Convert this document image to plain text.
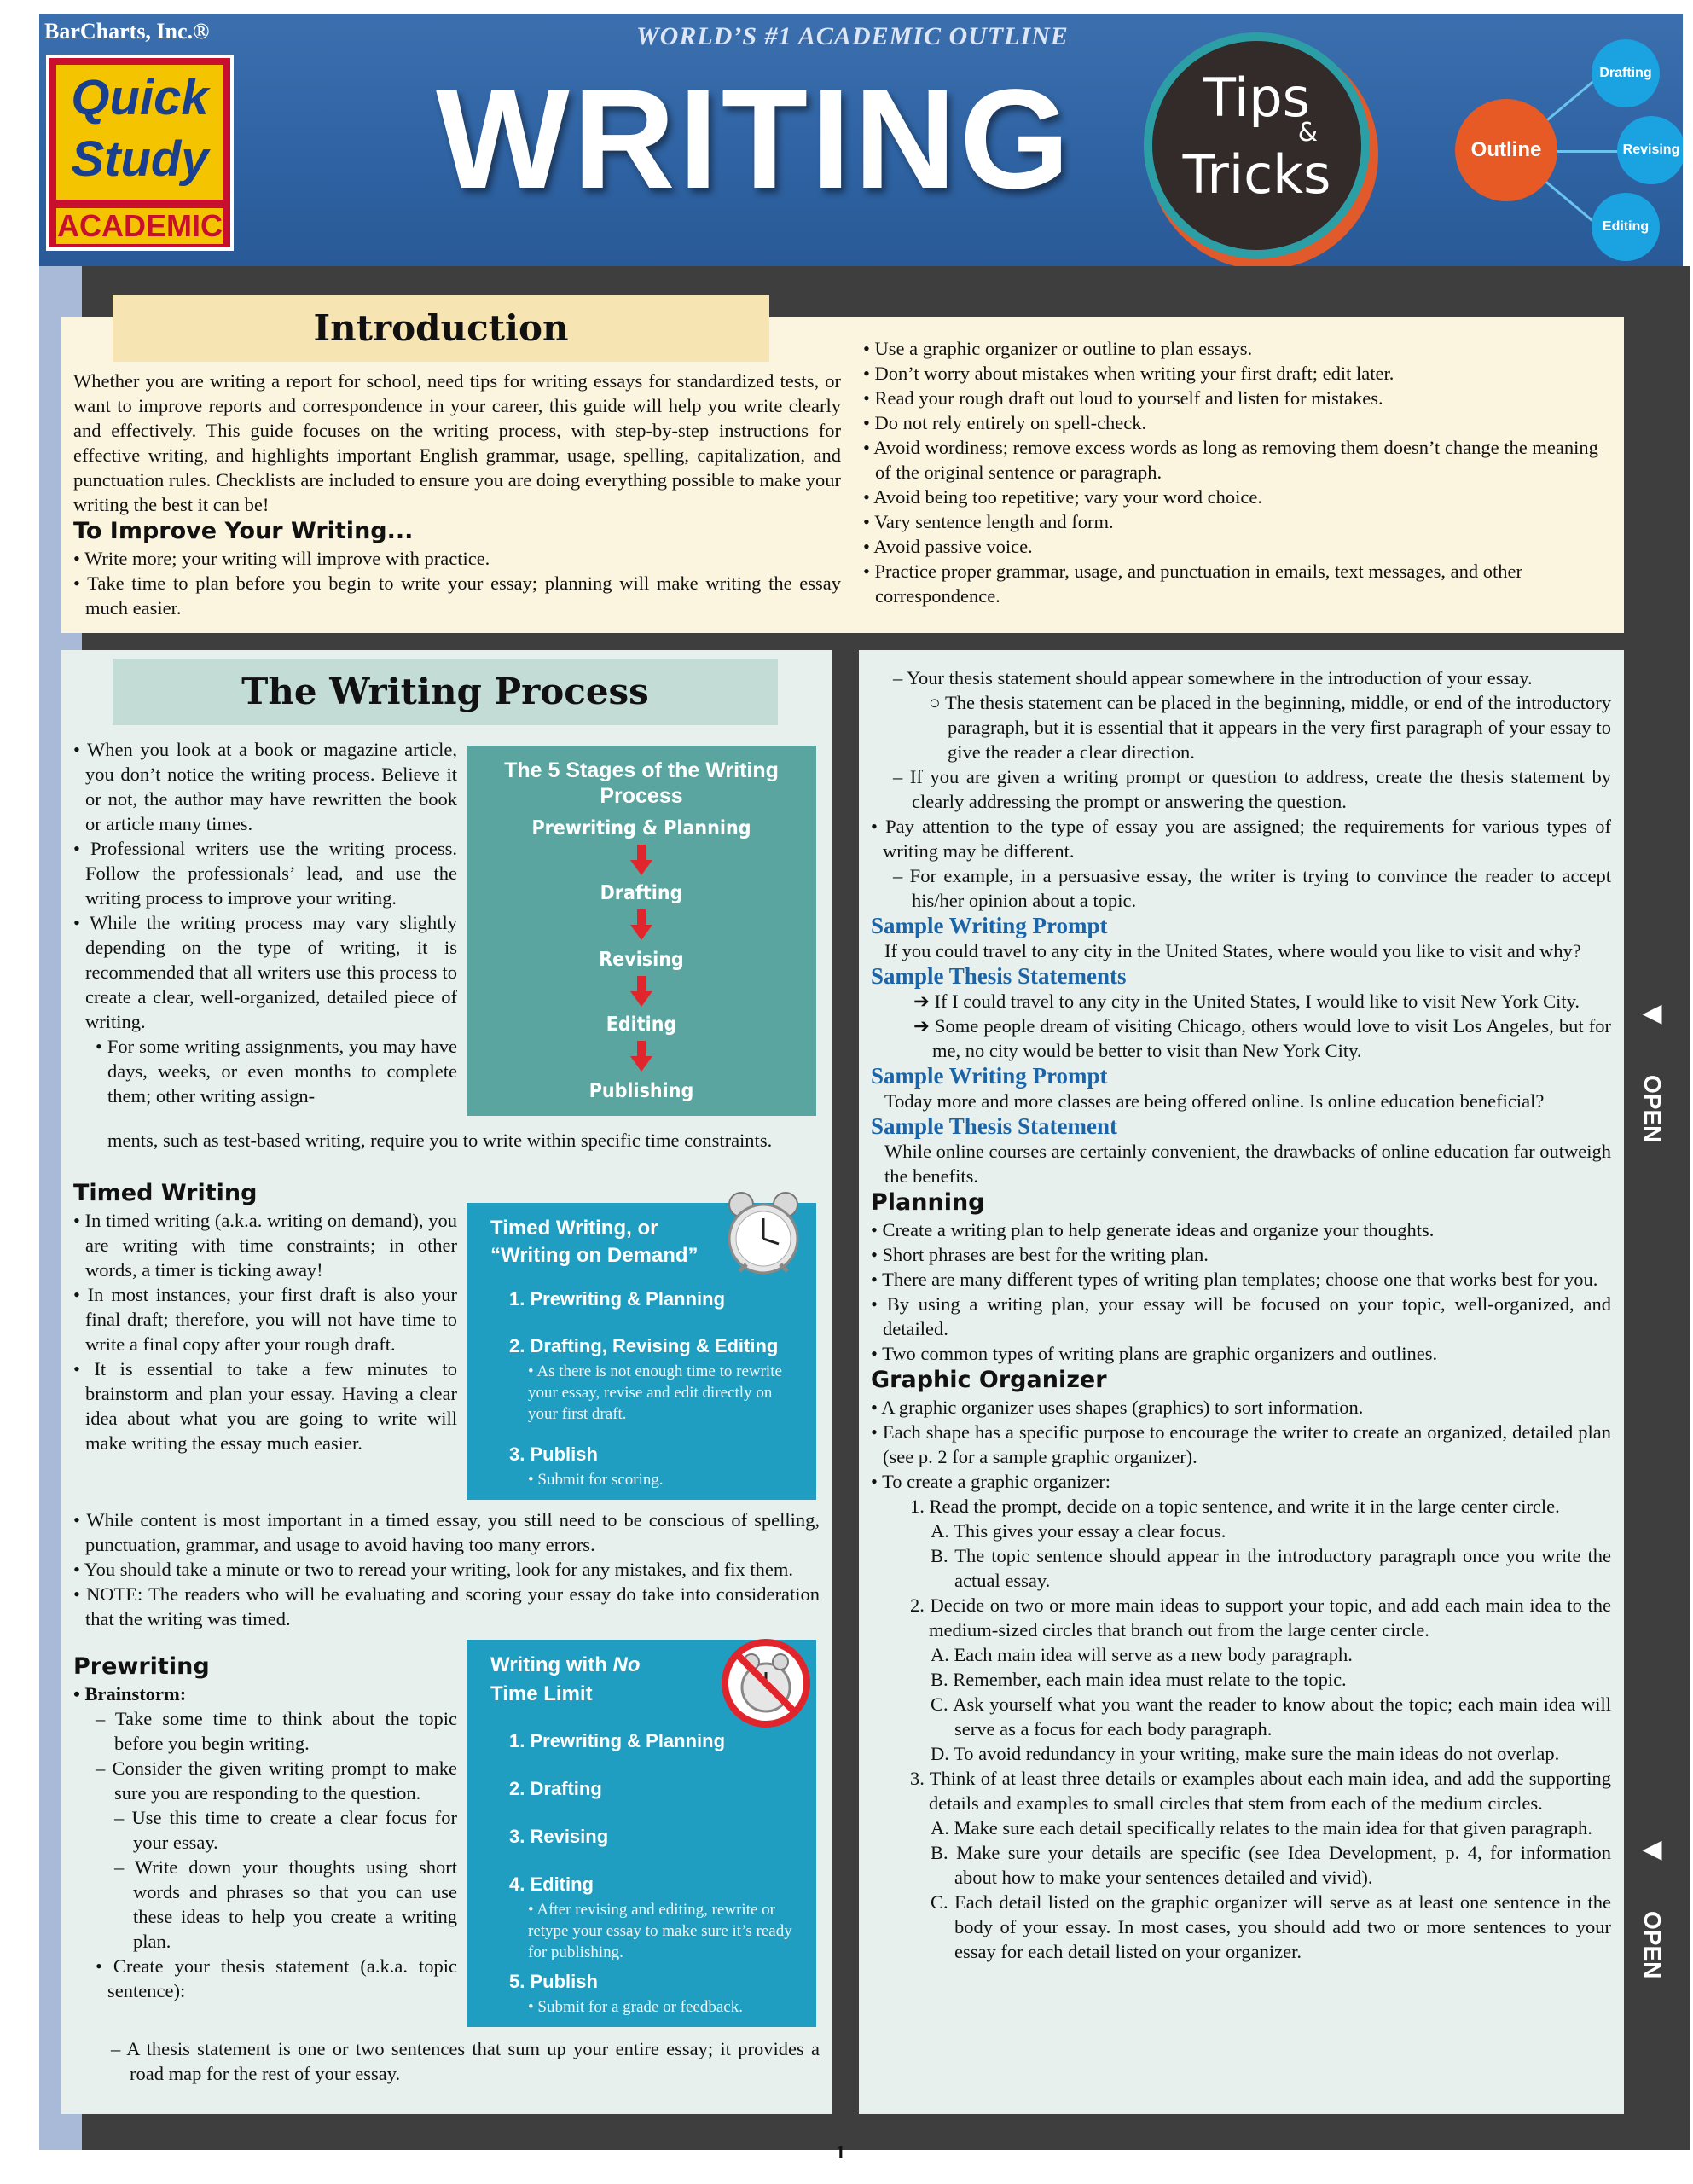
BarCharts, Inc.®
Quick
Study
ACADEMIC
WORLD’S #1 ACADEMIC OUTLINE
WRITING	Tips
&
Tricks	Outline
Drafting
Revising
Editing
◀
OPEN
◀
OPEN
Introduction

Whether you are writing a report for school, need tips for writing essays for standardized tests, or want to improve reports and correspondence in your career, this guide will help you write clearly and effectively. This guide focuses on the writing process, with step-by-step instructions for effective writing, and highlights important English grammar, usage, spelling, capitalization, and punctuation rules. Checklists are included to ensure you are doing everything possible to make your writing the best it can be!

To Improve Your Writing...

• Write more; your writing will improve with practice.

• Take time to plan before you begin to write your essay; planning will make writing the essay much easier.

• Use a graphic organizer or outline to plan essays.

• Don’t worry about mistakes when writing your first draft; edit later.

• Read your rough draft out loud to yourself and listen for mistakes.

• Do not rely entirely on spell-check.

• Avoid wordiness; remove excess words as long as removing them doesn’t change the meaning of the original sentence or paragraph.

• Avoid being too repetitive; vary your word choice.

• Vary sentence length and form.

• Avoid passive voice.

• Practice proper grammar, usage, and punctuation in emails, text messages, and other correspondence.

The Writing Process

• When you look at a book or magazine article, you don’t notice the writing process. Believe it or not, the author may have rewritten the book or article many times.

• Professional writers use the writing process. Follow the professionals’ lead, and use the writing process to improve your writing.

• While the writing process may vary slightly depending on the type of writing, it is recommended that all writers use this process to create a clear, well-organized, detailed piece of writing.

• For some writing assignments, you may have days, weeks, or even months to complete them; other writing assign-

ments, such as test-based writing, require you to write within specific time constraints.

Timed Writing

• In timed writing (a.k.a. writing on demand), you are writing with time constraints; in other words, a timer is ticking away!

• In most instances, your first draft is also your final draft; therefore, you will not have time to write a final copy after your rough draft.

• It is essential to take a few minutes to brainstorm and plan your essay. Having a clear idea about what you are going to write will make writing the essay much easier.

• While content is most important in a timed essay, you still need to be conscious of spelling, punctuation, grammar, and usage to avoid having too many errors.

• You should take a minute or two to reread your writing, look for any mistakes, and fix them.

• NOTE: The readers who will be evaluating and scoring your essay do take into consideration that the writing was timed.

Prewriting

• Brainstorm:

– Take some time to think about the topic before you begin writing.

– Consider the given writing prompt to make sure you are responding to the question.

– Use this time to create a clear focus for your essay.

– Write down your thoughts using short words and phrases so that you can use these ideas to help you create a writing plan.

• Create your thesis statement (a.k.a. topic sentence):

– A thesis statement is one or two sentences that sum up your entire essay; it provides a road map for the rest of your essay.

The 5 Stages of the Writing Process
Prewriting & Planning
Drafting
Revising
Editing
Publishing
Timed Writing, or
“Writing on Demand”
1. Prewriting & Planning
2. Drafting, Revising & Editing
• As there is not enough time to rewrite your essay, revise and edit directly on your first draft.
3. Publish
• Submit for scoring.
Writing with No
Time Limit
1. Prewriting & Planning
2. Drafting
3. Revising
4. Editing
• After revising and editing, rewrite or retype your essay to make sure it’s ready for publishing.
5. Publish
• Submit for a grade or feedback.

– Your thesis statement should appear somewhere in the introduction of your essay.

○ The thesis statement can be placed in the beginning, middle, or end of the introductory paragraph, but it is essential that it appears in the very first paragraph of your essay to give the reader a clear direction.

– If you are given a writing prompt or question to address, create the thesis statement by clearly addressing the prompt or answering the question.

• Pay attention to the type of essay you are assigned; the requirements for various types of writing may be different.

– For example, in a persuasive essay, the writer is trying to convince the reader to accept his/her opinion about a topic.

Sample Writing Prompt

If you could travel to any city in the United States, where would you like to visit and why?

Sample Thesis Statements

➔ If I could travel to any city in the United States, I would like to visit New York City.

➔ Some people dream of visiting Chicago, others would love to visit Los Angeles, but for me, no city would be better to visit than New York City.

Sample Writing Prompt

Today more and more classes are being offered online. Is online education beneficial?

Sample Thesis Statement

While online courses are certainly convenient, the drawbacks of online education far outweigh the benefits.

Planning

• Create a writing plan to help generate ideas and organize your thoughts.

• Short phrases are best for the writing plan.

• There are many different types of writing plan templates; choose one that works best for you.

• By using a writing plan, your essay will be focused on your topic, well-organized, and detailed.

• Two common types of writing plans are graphic organizers and outlines.

Graphic Organizer

• A graphic organizer uses shapes (graphics) to sort information.

• Each shape has a specific purpose to encourage the writer to create an organized, detailed plan (see p. 2 for a sample graphic organizer).

• To create a graphic organizer:

1. Read the prompt, decide on a topic sentence, and write it in the large center circle.

A. This gives your essay a clear focus.

B. The topic sentence should appear in the introductory paragraph once you write the actual essay.

2. Decide on two or more main ideas to support your topic, and add each main idea to the medium-sized circles that branch out from the large center circle.

A. Each main idea will serve as a new body paragraph.

B. Remember, each main idea must relate to the topic.

C. Ask yourself what you want the reader to know about the topic; each main idea will serve as a focus for each body paragraph.

D. To avoid redundancy in your writing, make sure the main ideas do not overlap.

3. Think of at least three details or examples about each main idea, and add the supporting details and examples to small circles that stem from each of the medium circles.

A. Make sure each detail specifically relates to the main idea for that given paragraph.

B. Make sure your details are specific (see Idea Development, p. 4, for information about how to make your sentences detailed and vivid).

C. Each detail listed on the graphic organizer will serve as at least one sentence in the body of your essay. In most cases, you should add two or more sentences to your essay for each detail listed on your organizer.

1
